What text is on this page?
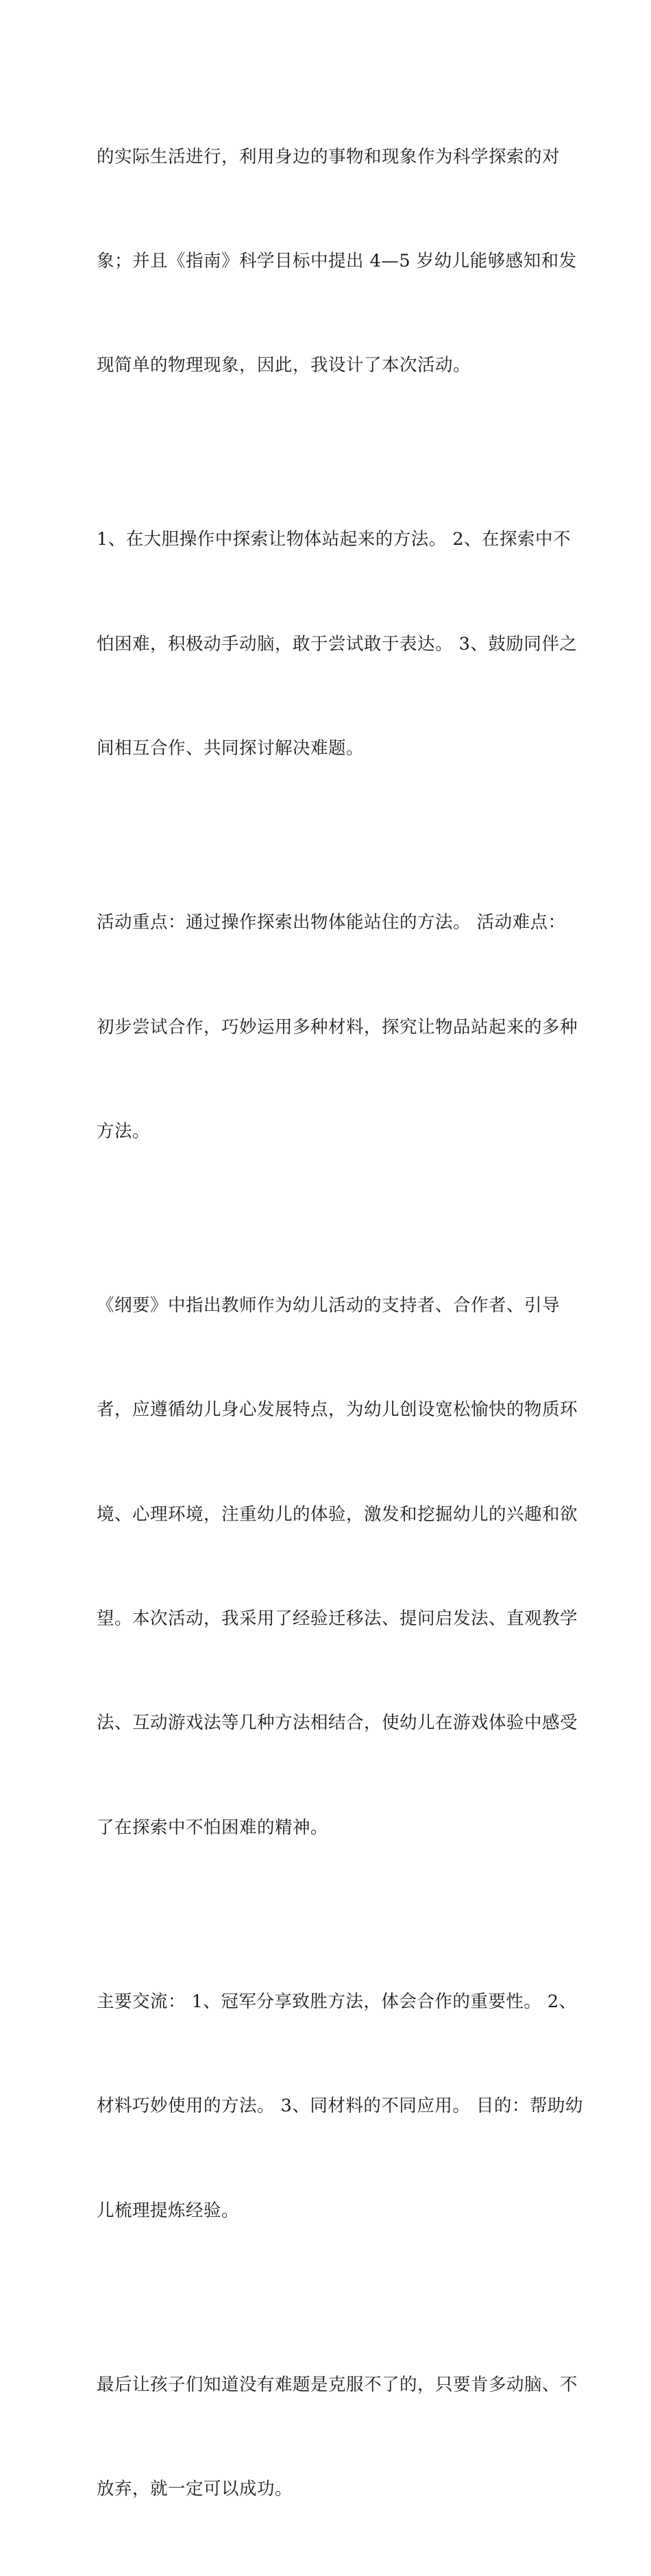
的实际生活进行，利用身边的事物和现象作为科学探索的对

象；并且《指南》科学目标中提出 4—5 岁幼儿能够感知和发

现简单的物理现象，因此，我设计了本次活动。

1、在大胆操作中探索让物体站起来的方法。 2、在探索中不

怕困难，积极动手动脑，敢于尝试敢于表达。 3、鼓励同伴之

间相互合作、共同探讨解决难题。

活动重点：通过操作探索出物体能站住的方法。 活动难点：

初步尝试合作，巧妙运用多种材料，探究让物品站起来的多种

方法。

《纲要》中指出教师作为幼儿活动的支持者、合作者、引导

者，应遵循幼儿身心发展特点，为幼儿创设宽松愉快的物质环

境、心理环境，注重幼儿的体验，激发和挖掘幼儿的兴趣和欲

望。本次活动，我采用了经验迁移法、提问启发法、直观教学

法、互动游戏法等几种方法相结合，使幼儿在游戏体验中感受

了在探索中不怕困难的精神。

主要交流： 1、冠军分享致胜方法，体会合作的重要性。 2、

材料巧妙使用的方法。 3、同材料的不同应用。 目的：帮助幼

儿梳理提炼经验。

最后让孩子们知道没有难题是克服不了的，只要肯多动脑、不

放弃，就一定可以成功。
